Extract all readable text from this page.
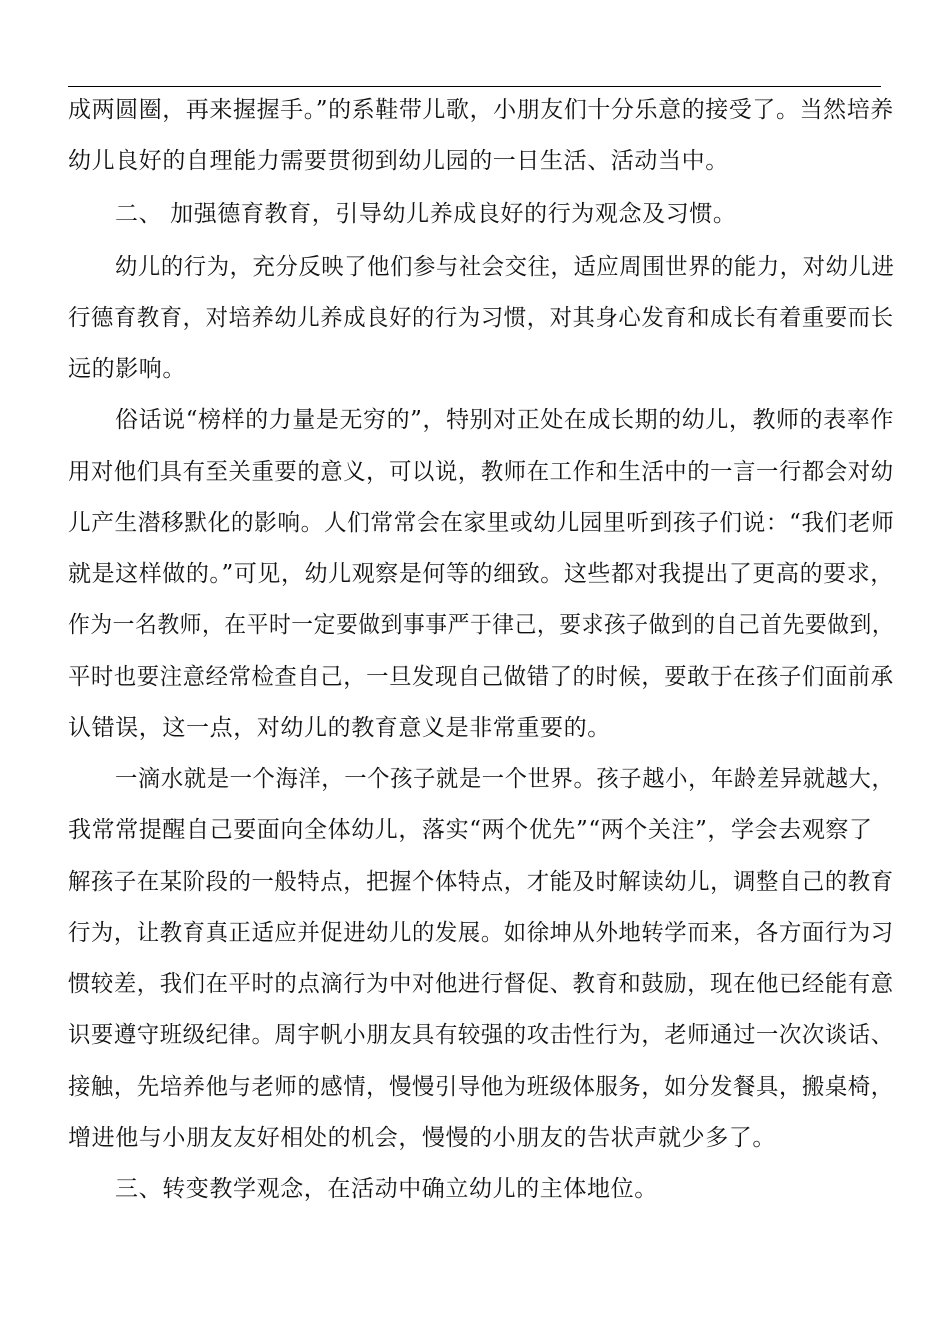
成两圆圈，再来握握手。”的系鞋带儿歌，小朋友们十分乐意的接受了。当然培养
幼儿良好的自理能力需要贯彻到幼儿园的一日生活、活动当中。
二、 加强德育教育，引导幼儿养成良好的行为观念及习惯。
幼儿的行为，充分反映了他们参与社会交往，适应周围世界的能力，对幼儿进
行德育教育，对培养幼儿养成良好的行为习惯，对其身心发育和成长有着重要而长
远的影响。
俗话说“榜样的力量是无穷的”，特别对正处在成长期的幼儿，教师的表率作
用对他们具有至关重要的意义，可以说，教师在工作和生活中的一言一行都会对幼
儿产生潜移默化的影响。人们常常会在家里或幼儿园里听到孩子们说：“我们老师
就是这样做的。”可见，幼儿观察是何等的细致。这些都对我提出了更高的要求，
作为一名教师，在平时一定要做到事事严于律己，要求孩子做到的自己首先要做到，
平时也要注意经常检查自己，一旦发现自己做错了的时候，要敢于在孩子们面前承
认错误，这一点，对幼儿的教育意义是非常重要的。
一滴水就是一个海洋，一个孩子就是一个世界。孩子越小，年龄差异就越大，
我常常提醒自己要面向全体幼儿，落实“两个优先”“两个关注”，学会去观察了
解孩子在某阶段的一般特点，把握个体特点，才能及时解读幼儿，调整自己的教育
行为，让教育真正适应并促进幼儿的发展。如徐坤从外地转学而来，各方面行为习
惯较差，我们在平时的点滴行为中对他进行督促、教育和鼓励，现在他已经能有意
识要遵守班级纪律。周宇帆小朋友具有较强的攻击性行为，老师通过一次次谈话、
接触，先培养他与老师的感情，慢慢引导他为班级体服务，如分发餐具，搬桌椅，
增进他与小朋友友好相处的机会，慢慢的小朋友的告状声就少多了。
三、转变教学观念，在活动中确立幼儿的主体地位。
